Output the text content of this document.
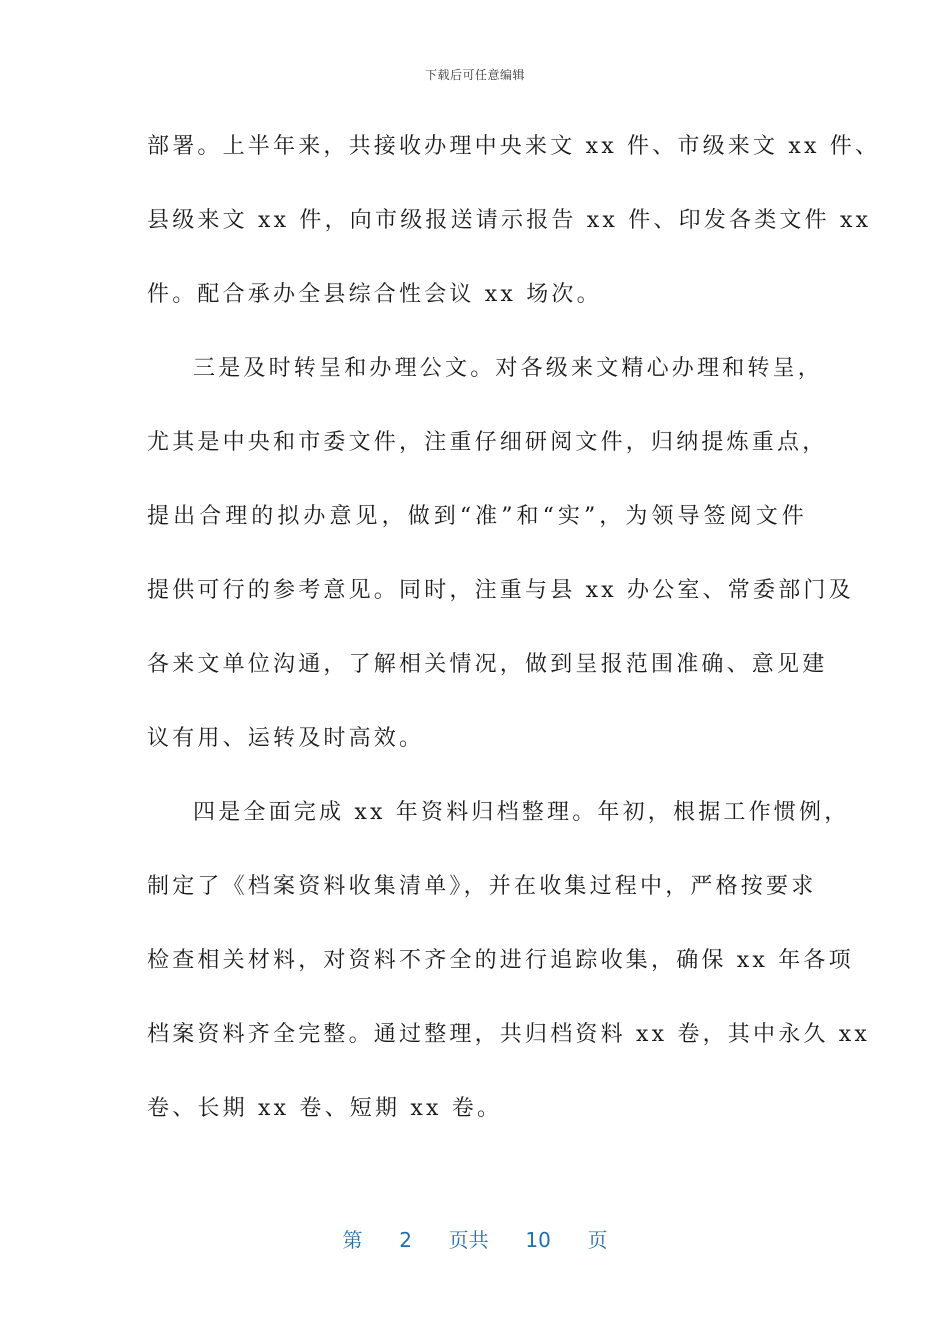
下载后可任意编辑
部署。上半年来，共接收办理中央来文 xx 件、市级来文 xx 件、
县级来文 xx 件，向市级报送请示报告 xx 件、印发各类文件 xx
件。配合承办全县综合性会议 xx 场次。
三是及时转呈和办理公文。对各级来文精心办理和转呈，
尤其是中央和市委文件，注重仔细研阅文件，归纳提炼重点，
提出合理的拟办意见，做到“准”和“实”，为领导签阅文件
提供可行的参考意见。同时，注重与县 xx 办公室、常委部门及
各来文单位沟通，了解相关情况，做到呈报范围准确、意见建
议有用、运转及时高效。
四是全面完成 xx 年资料归档整理。年初，根据工作惯例，
制定了《档案资料收集清单》，并在收集过程中，严格按要求
检查相关材料，对资料不齐全的进行追踪收集，确保 xx 年各项
档案资料齐全完整。通过整理，共归档资料 xx 卷，其中永久 xx
卷、长期 xx 卷、短期 xx 卷。
第 2 页共 10 页
